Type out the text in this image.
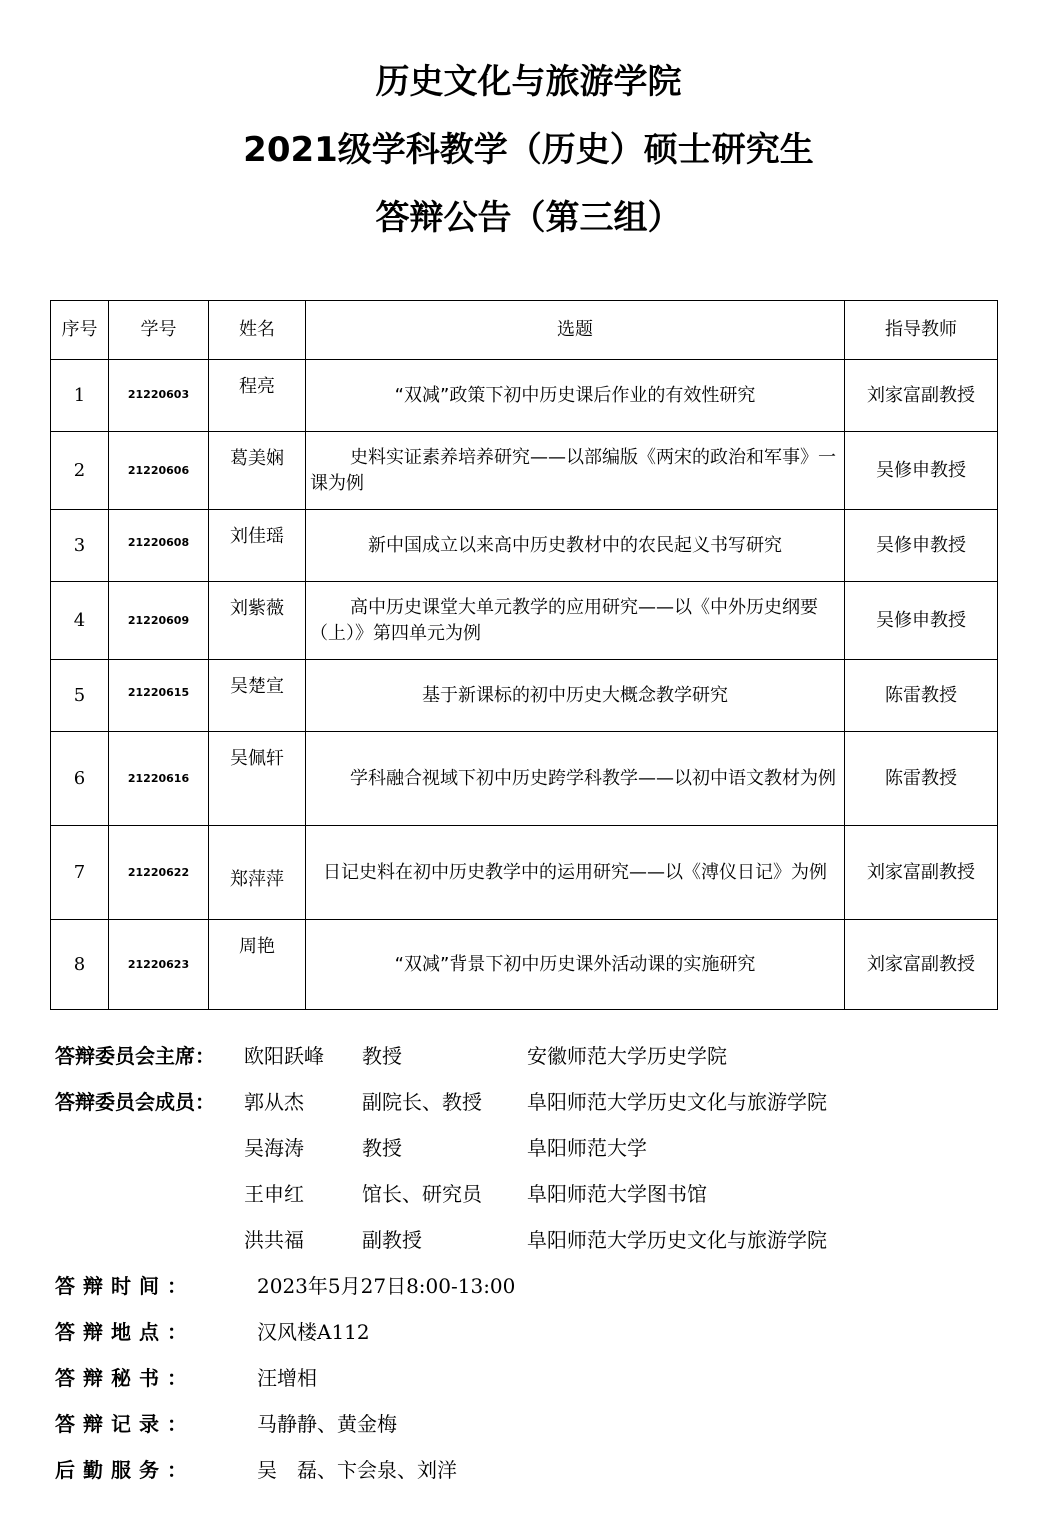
历史文化与旅游学院
2021级学科教学（历史）硕士研究生
答辩公告（第三组）
序号	学号	姓名	选题	指导教师
1	21220603	程亮	“双减”政策下初中历史课后作业的有效性研究	刘家富副教授
2	21220606	葛美娴	史料实证素养培养研究——以部编版《两宋的政治和军事》一课为例	吴修申教授
3	21220608	刘佳瑶	新中国成立以来高中历史教材中的农民起义书写研究	吴修申教授
4	21220609	刘紫薇	高中历史课堂大单元教学的应用研究——以《中外历史纲要（上）》第四单元为例	吴修申教授
5	21220615	吴楚宣	基于新课标的初中历史大概念教学研究	陈雷教授
6	21220616	吴佩轩	学科融合视域下初中历史跨学科教学——以初中语文教材为例	陈雷教授
7	21220622	郑萍萍	日记史料在初中历史教学中的运用研究——以《溥仪日记》为例	刘家富副教授
8	21220623	周艳	“双减”背景下初中历史课外活动课的实施研究	刘家富副教授
答辩委员会主席： 欧阳跃峰 教授	安徽师范大学历史学院
答辩委员会成员： 郭从杰	副院长、教授 阜阳师范大学历史文化与旅游学院
吴海涛	教授	阜阳师范大学
王申红	馆长、研究员 阜阳师范大学图书馆
洪共福	副教授	阜阳师范大学历史文化与旅游学院
答辩时间：	2023年5月27日8:00-13:00
答辩地点：	汉风楼A112
答辩秘书：	汪增相
答辩记录：	马静静、黄金梅
后勤服务：	吴　磊、卞会泉、刘洋
